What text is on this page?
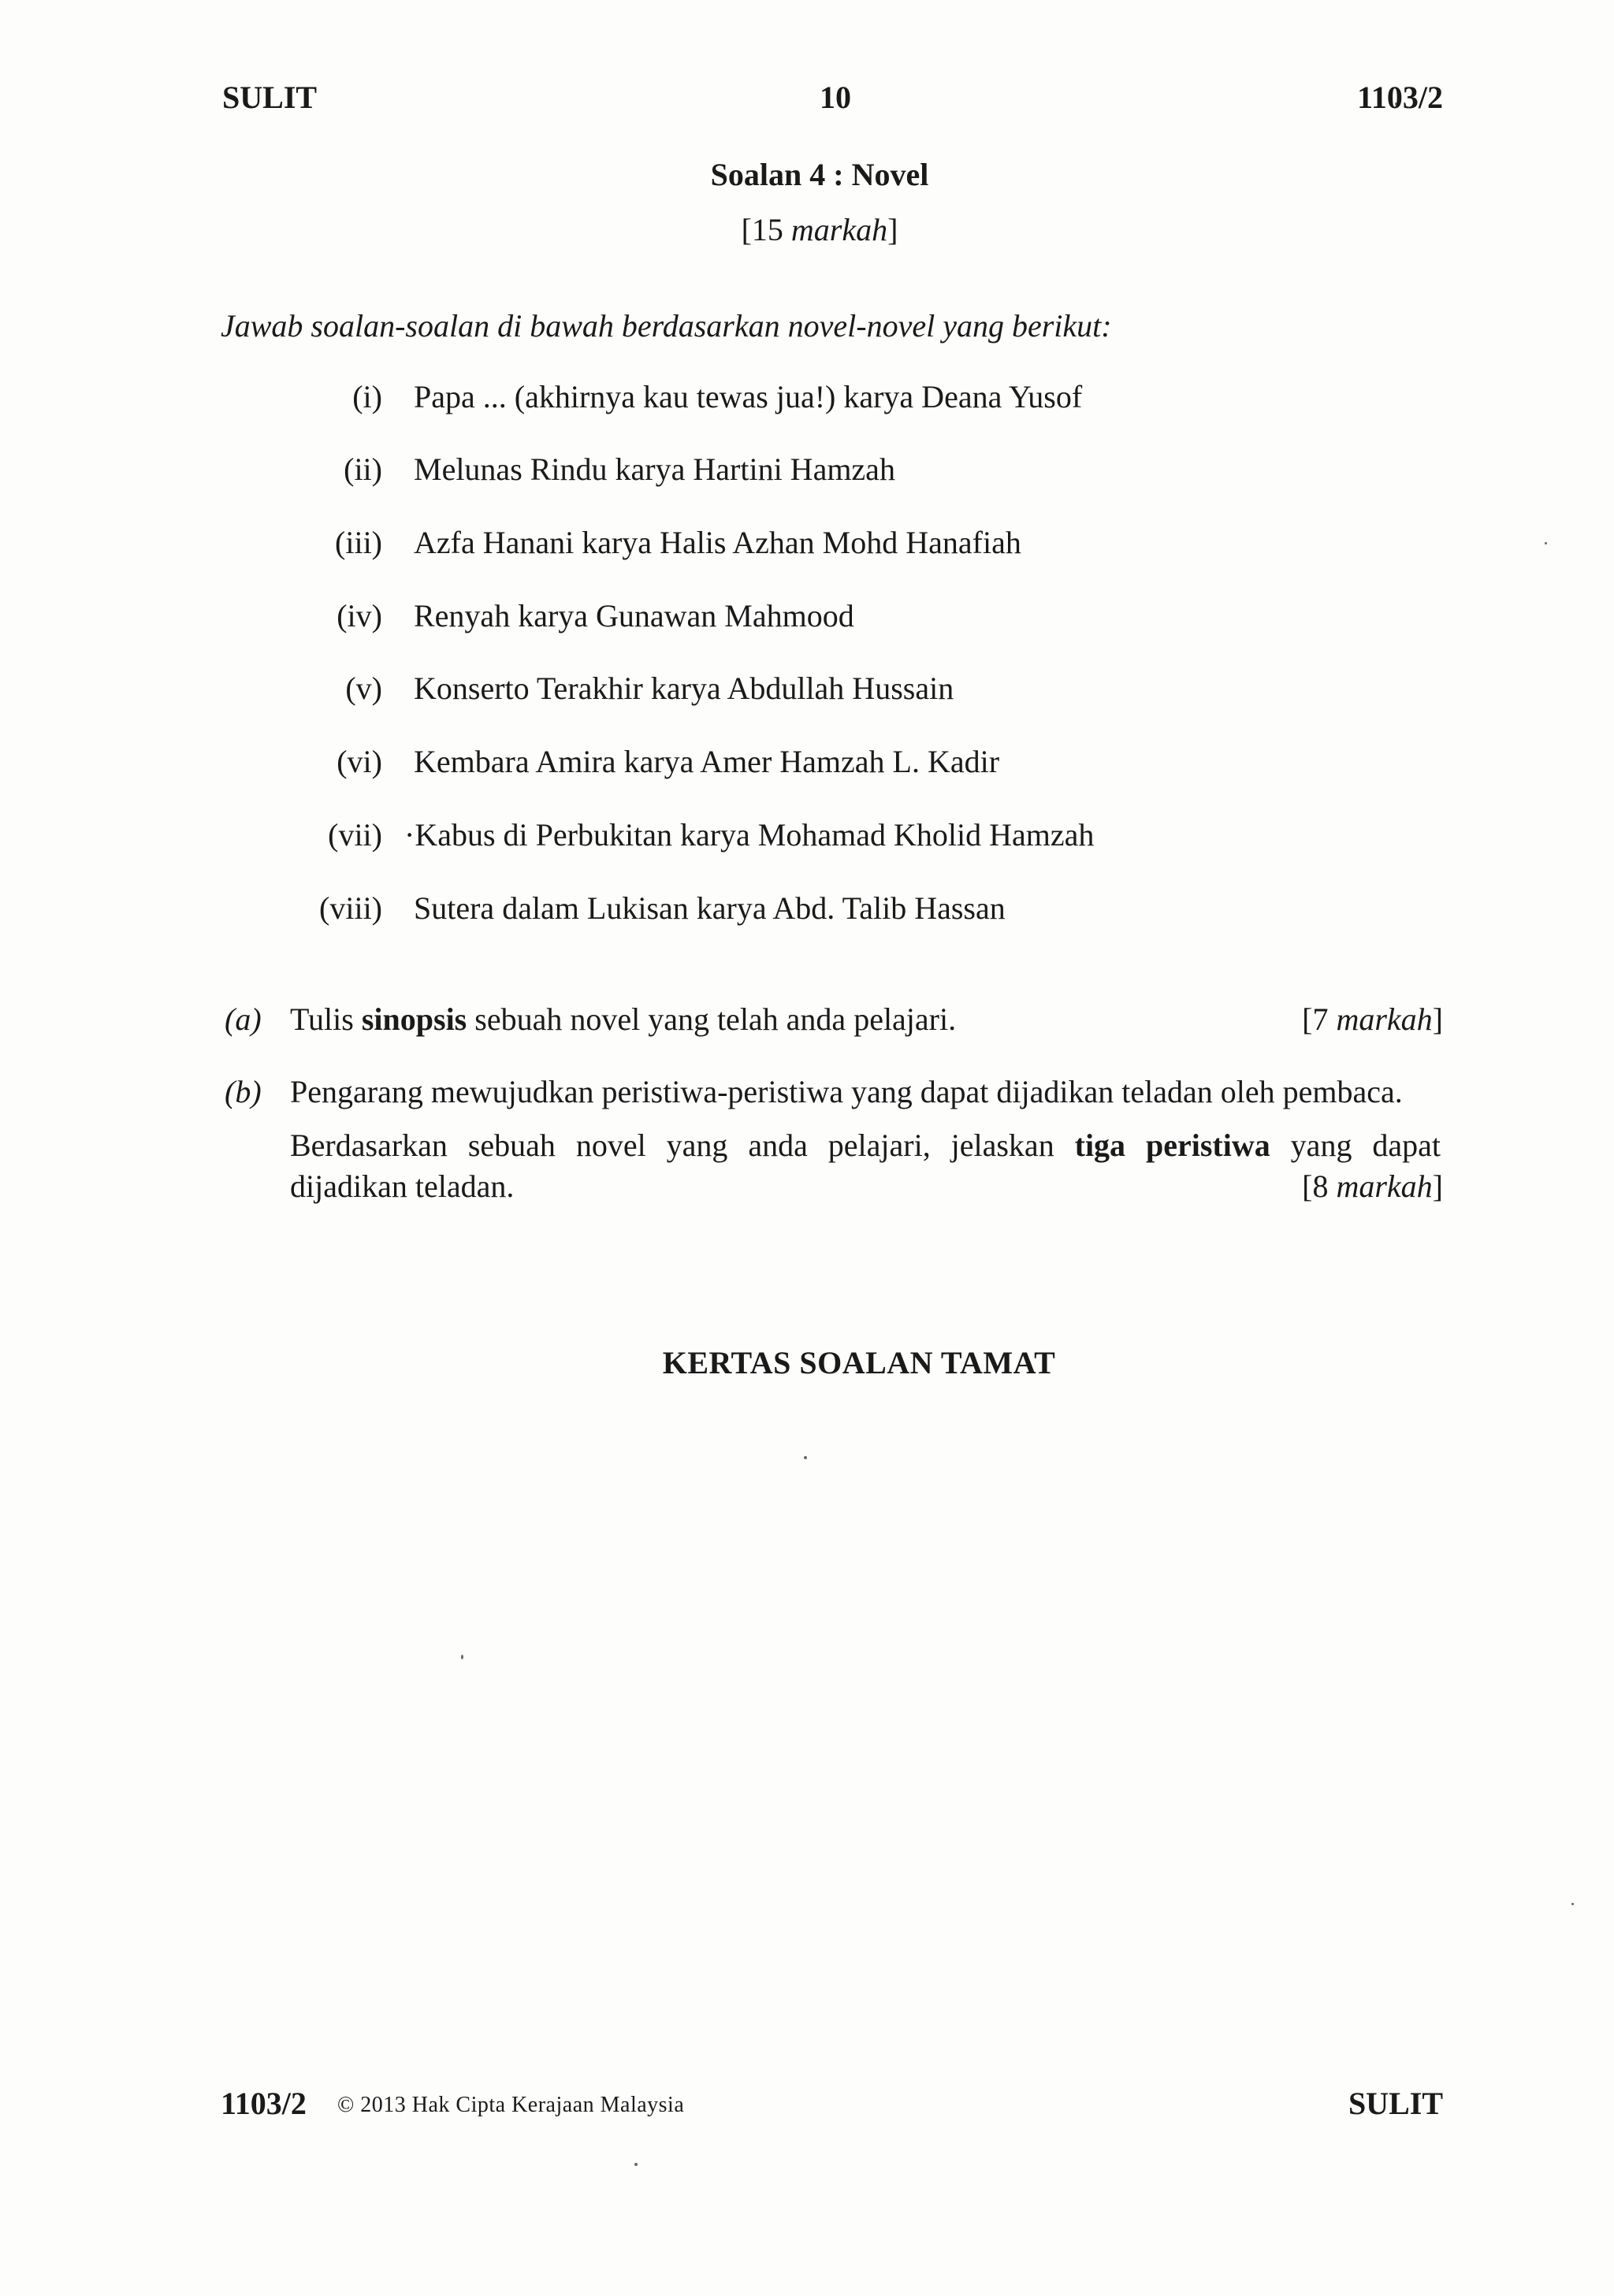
SULIT	10	1103/2
Soalan 4 : Novel
[15 markah]
Jawab soalan-soalan di bawah berdasarkan novel-novel yang berikut:
(i) Papa ... (akhirnya kau tewas jua!) karya Deana Yusof
(ii) Melunas Rindu karya Hartini Hamzah
(iii) Azfa Hanani karya Halis Azhan Mohd Hanafiah
(iv) Renyah karya Gunawan Mahmood
(v) Konserto Terakhir karya Abdullah Hussain
(vi) Kembara Amira karya Amer Hamzah L. Kadir
(vii) ·Kabus di Perbukitan karya Mohamad Kholid Hamzah
(viii) Sutera dalam Lukisan karya Abd. Talib Hassan
(a) Tulis sinopsis sebuah novel yang telah anda pelajari.	[7 markah]
(b) Pengarang mewujudkan peristiwa-peristiwa yang dapat dijadikan teladan oleh pembaca.
Berdasarkan sebuah novel yang anda pelajari, jelaskan tiga peristiwa yang dapat
dijadikan teladan.	[8 markah]
KERTAS SOALAN TAMAT
1103/2 © 2013 Hak Cipta Kerajaan Malaysia	SULIT
